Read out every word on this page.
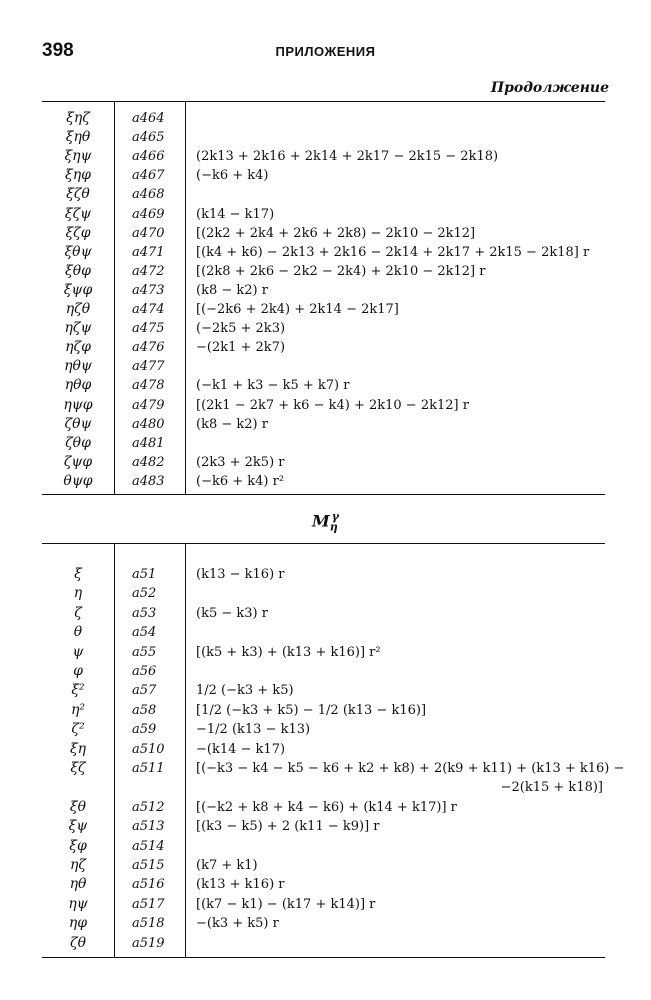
398	ПРИЛОЖЕНИЯ
Продолжение
ξηζ	a464
ξηθ	a465
ξηψ	a466	(2k13 + 2k16 + 2k14 + 2k17 − 2k15 − 2k18)
ξηφ	a467	(−k6 + k4)
ξζθ	a468
ξζψ	a469	(k14 − k17)
ξζφ	a470	[(2k2 + 2k4 + 2k6 + 2k8) − 2k10 − 2k12]
ξθψ	a471	[(k4 + k6) − 2k13 + 2k16 − 2k14 + 2k17 + 2k15 − 2k18] r
ξθφ	a472	[(2k8 + 2k6 − 2k2 − 2k4) + 2k10 − 2k12] r
ξψφ	a473	(k8 − k2) r
ηζθ	a474	[(−2k6 + 2k4) + 2k14 − 2k17]
ηζψ	a475	(−2k5 + 2k3)
ηζφ	a476	−(2k1 + 2k7)
ηθψ	a477
ηθφ	a478	(−k1 + k3 − k5 + k7) r
ηψφ	a479	[(2k1 − 2k7 + k6 − k4) + 2k10 − 2k12] r
ζθψ	a480	(k8 − k2) r
ζθφ	a481
ζψφ	a482	(2k3 + 2k5) r
θψφ	a483	(−k6 + k4) r²
$M_\eta^\gamma$
ξ	a51	(k13 − k16) r
η	a52
ζ	a53	(k5 − k3) r
θ	a54
ψ	a55	[(k5 + k3) + (k13 + k16)] r²
φ	a56
ξ²	a57	1/2 (−k3 + k5)
η²	a58	[1/2 (−k3 + k5) − 1/2 (k13 − k16)]
ζ²	a59	−1/2 (k13 − k13)
ξη	a510	−(k14 − k17)
ξζ	a511	[(−k3 − k4 − k5 − k6 + k2 + k8) + 2(k9 + k11) + (k13 + k16) −
−2(k15 + k18)]
ξθ	a512	[(−k2 + k8 + k4 − k6) + (k14 + k17)] r
ξψ	a513	[(k3 − k5) + 2 (k11 − k9)] r
ξφ	a514
ηζ	a515	(k7 + k1)
ηθ	a516	(k13 + k16) r
ηψ	a517	[(k7 − k1) − (k17 + k14)] r
ηφ	a518	−(k3 + k5) r
ζθ	a519
